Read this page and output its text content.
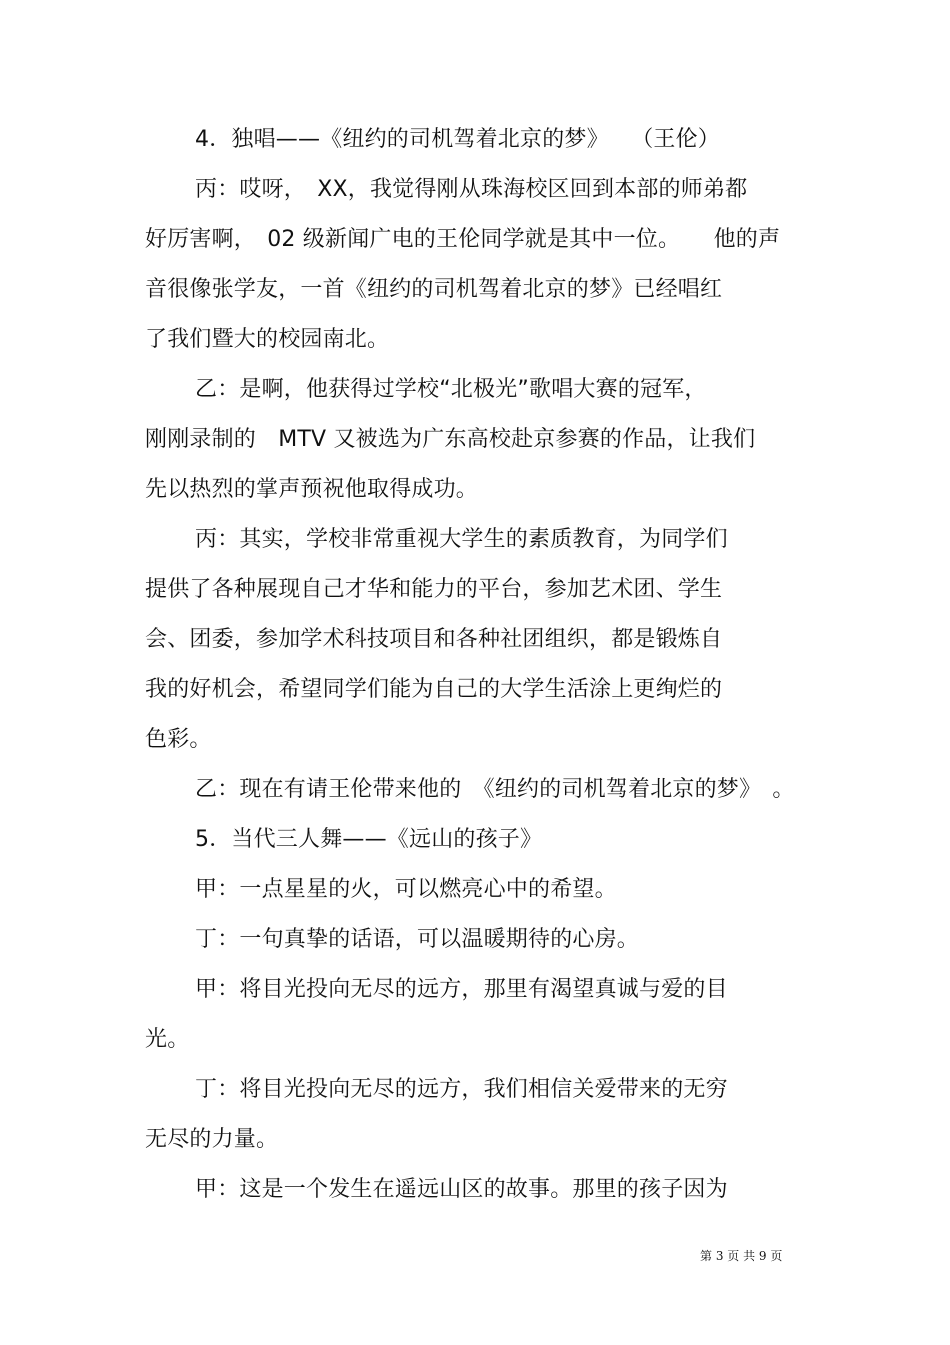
4．独唱——《纽约的司机驾着北京的梦》　　（王伦）
丙：哎呀，　XX，我觉得刚从珠海校区回到本部的师弟都
好厉害啊，　02 级新闻广电的王伦同学就是其中一位。　　他的声
音很像张学友，一首《纽约的司机驾着北京的梦》已经唱红
了我们暨大的校园南北。
乙：是啊，他获得过学校“北极光”歌唱大赛的冠军，
刚刚录制的　MTV 又被选为广东高校赴京参赛的作品，让我们
先以热烈的掌声预祝他取得成功。
丙：其实，学校非常重视大学生的素质教育，为同学们
提供了各种展现自己才华和能力的平台，参加艺术团、学生
会、团委，参加学术科技项目和各种社团组织，都是锻炼自
我的好机会，希望同学们能为自己的大学生活涂上更绚烂的
色彩。
乙：现在有请王伦带来他的　《纽约的司机驾着北京的梦》　。
5．当代三人舞——《远山的孩子》
甲：一点星星的火，可以燃亮心中的希望。
丁：一句真挚的话语，可以温暖期待的心房。
甲：将目光投向无尽的远方，那里有渴望真诚与爱的目
光。
丁：将目光投向无尽的远方，我们相信关爱带来的无穷
无尽的力量。
甲：这是一个发生在遥远山区的故事。那里的孩子因为
第 3 页 共 9 页
